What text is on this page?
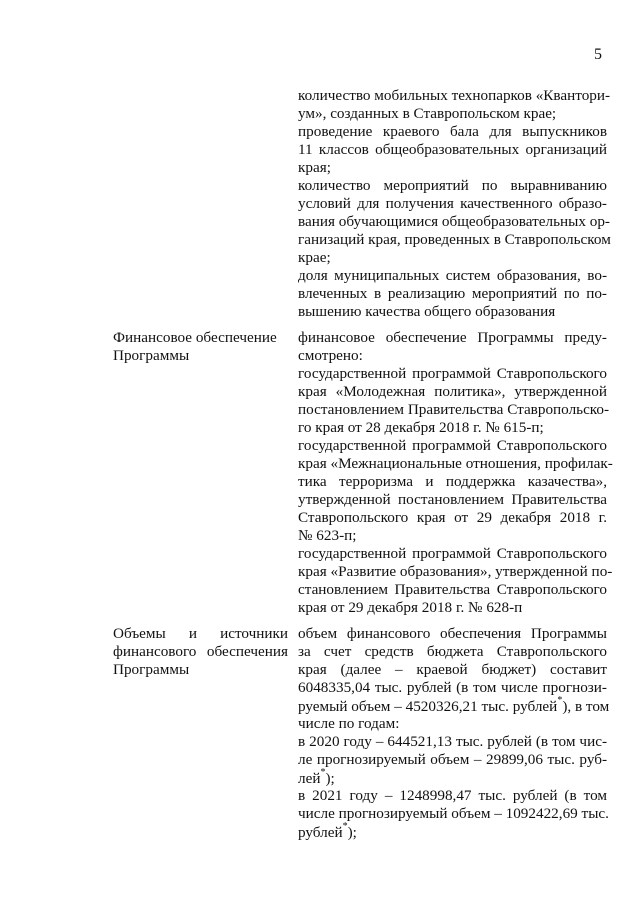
5
количество мобильных технопарков «Квантори-
ум», созданных в Ставропольском крае;
проведение краевого бала для выпускников
11 классов общеобразовательных организаций
края;
количество мероприятий по выравниванию
условий для получения качественного образо-
вания обучающимися общеобразовательных ор-
ганизаций края, проведенных в Ставропольском
крае;
доля муниципальных систем образования, во-
влеченных в реализацию мероприятий по по-
вышению качества общего образования
Финансовое обеспечение
Программы
финансовое обеспечение Программы преду-
смотрено:
государственной программой Ставропольского
края «Молодежная политика», утвержденной
постановлением Правительства Ставропольско-
го края от 28 декабря 2018 г. № 615-п;
государственной программой Ставропольского
края «Межнациональные отношения, профилак-
тика терроризма и поддержка казачества»,
утвержденной постановлением Правительства
Ставропольского края от 29 декабря 2018 г.
№ 623-п;
государственной программой Ставропольского
края «Развитие образования», утвержденной по-
становлением Правительства Ставропольского
края от 29 декабря 2018 г. № 628-п
Объемы и источники
финансового обеспечения
Программы
объем финансового обеспечения Программы
за счет средств бюджета Ставропольского
края (далее – краевой бюджет) составит
6048335,04 тыс. рублей (в том числе прогнози-
руемый объем – 4520326,21 тыс. рублей*), в том
числе по годам:
в 2020 году – 644521,13 тыс. рублей (в том чис-
ле прогнозируемый объем – 29899,06 тыс. руб-
лей*);
в 2021 году – 1248998,47 тыс. рублей (в том
числе прогнозируемый объем – 1092422,69 тыс.
рублей*);
